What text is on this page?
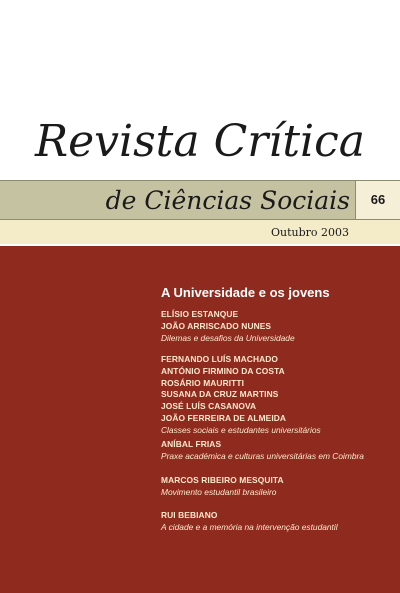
Revista Crítica
de Ciências Sociais	66
Outubro 2003
A Universidade e os jovens
ELÍSIO ESTANQUE
JOÃO ARRISCADO NUNES
Dilemas e desafios da Universidade
FERNANDO LUÍS MACHADO
ANTÓNIO FIRMINO DA COSTA
ROSÁRIO MAURITTI
SUSANA DA CRUZ MARTINS
JOSÉ LUÍS CASANOVA
JOÃO FERREIRA DE ALMEIDA
Classes sociais e estudantes universitários
ANÍBAL FRIAS
Praxe académica e culturas universitárias em Coimbra
MARCOS RIBEIRO MESQUITA
Movimento estudantil brasileiro
RUI BEBIANO
A cidade e a memória na intervenção estudantil
